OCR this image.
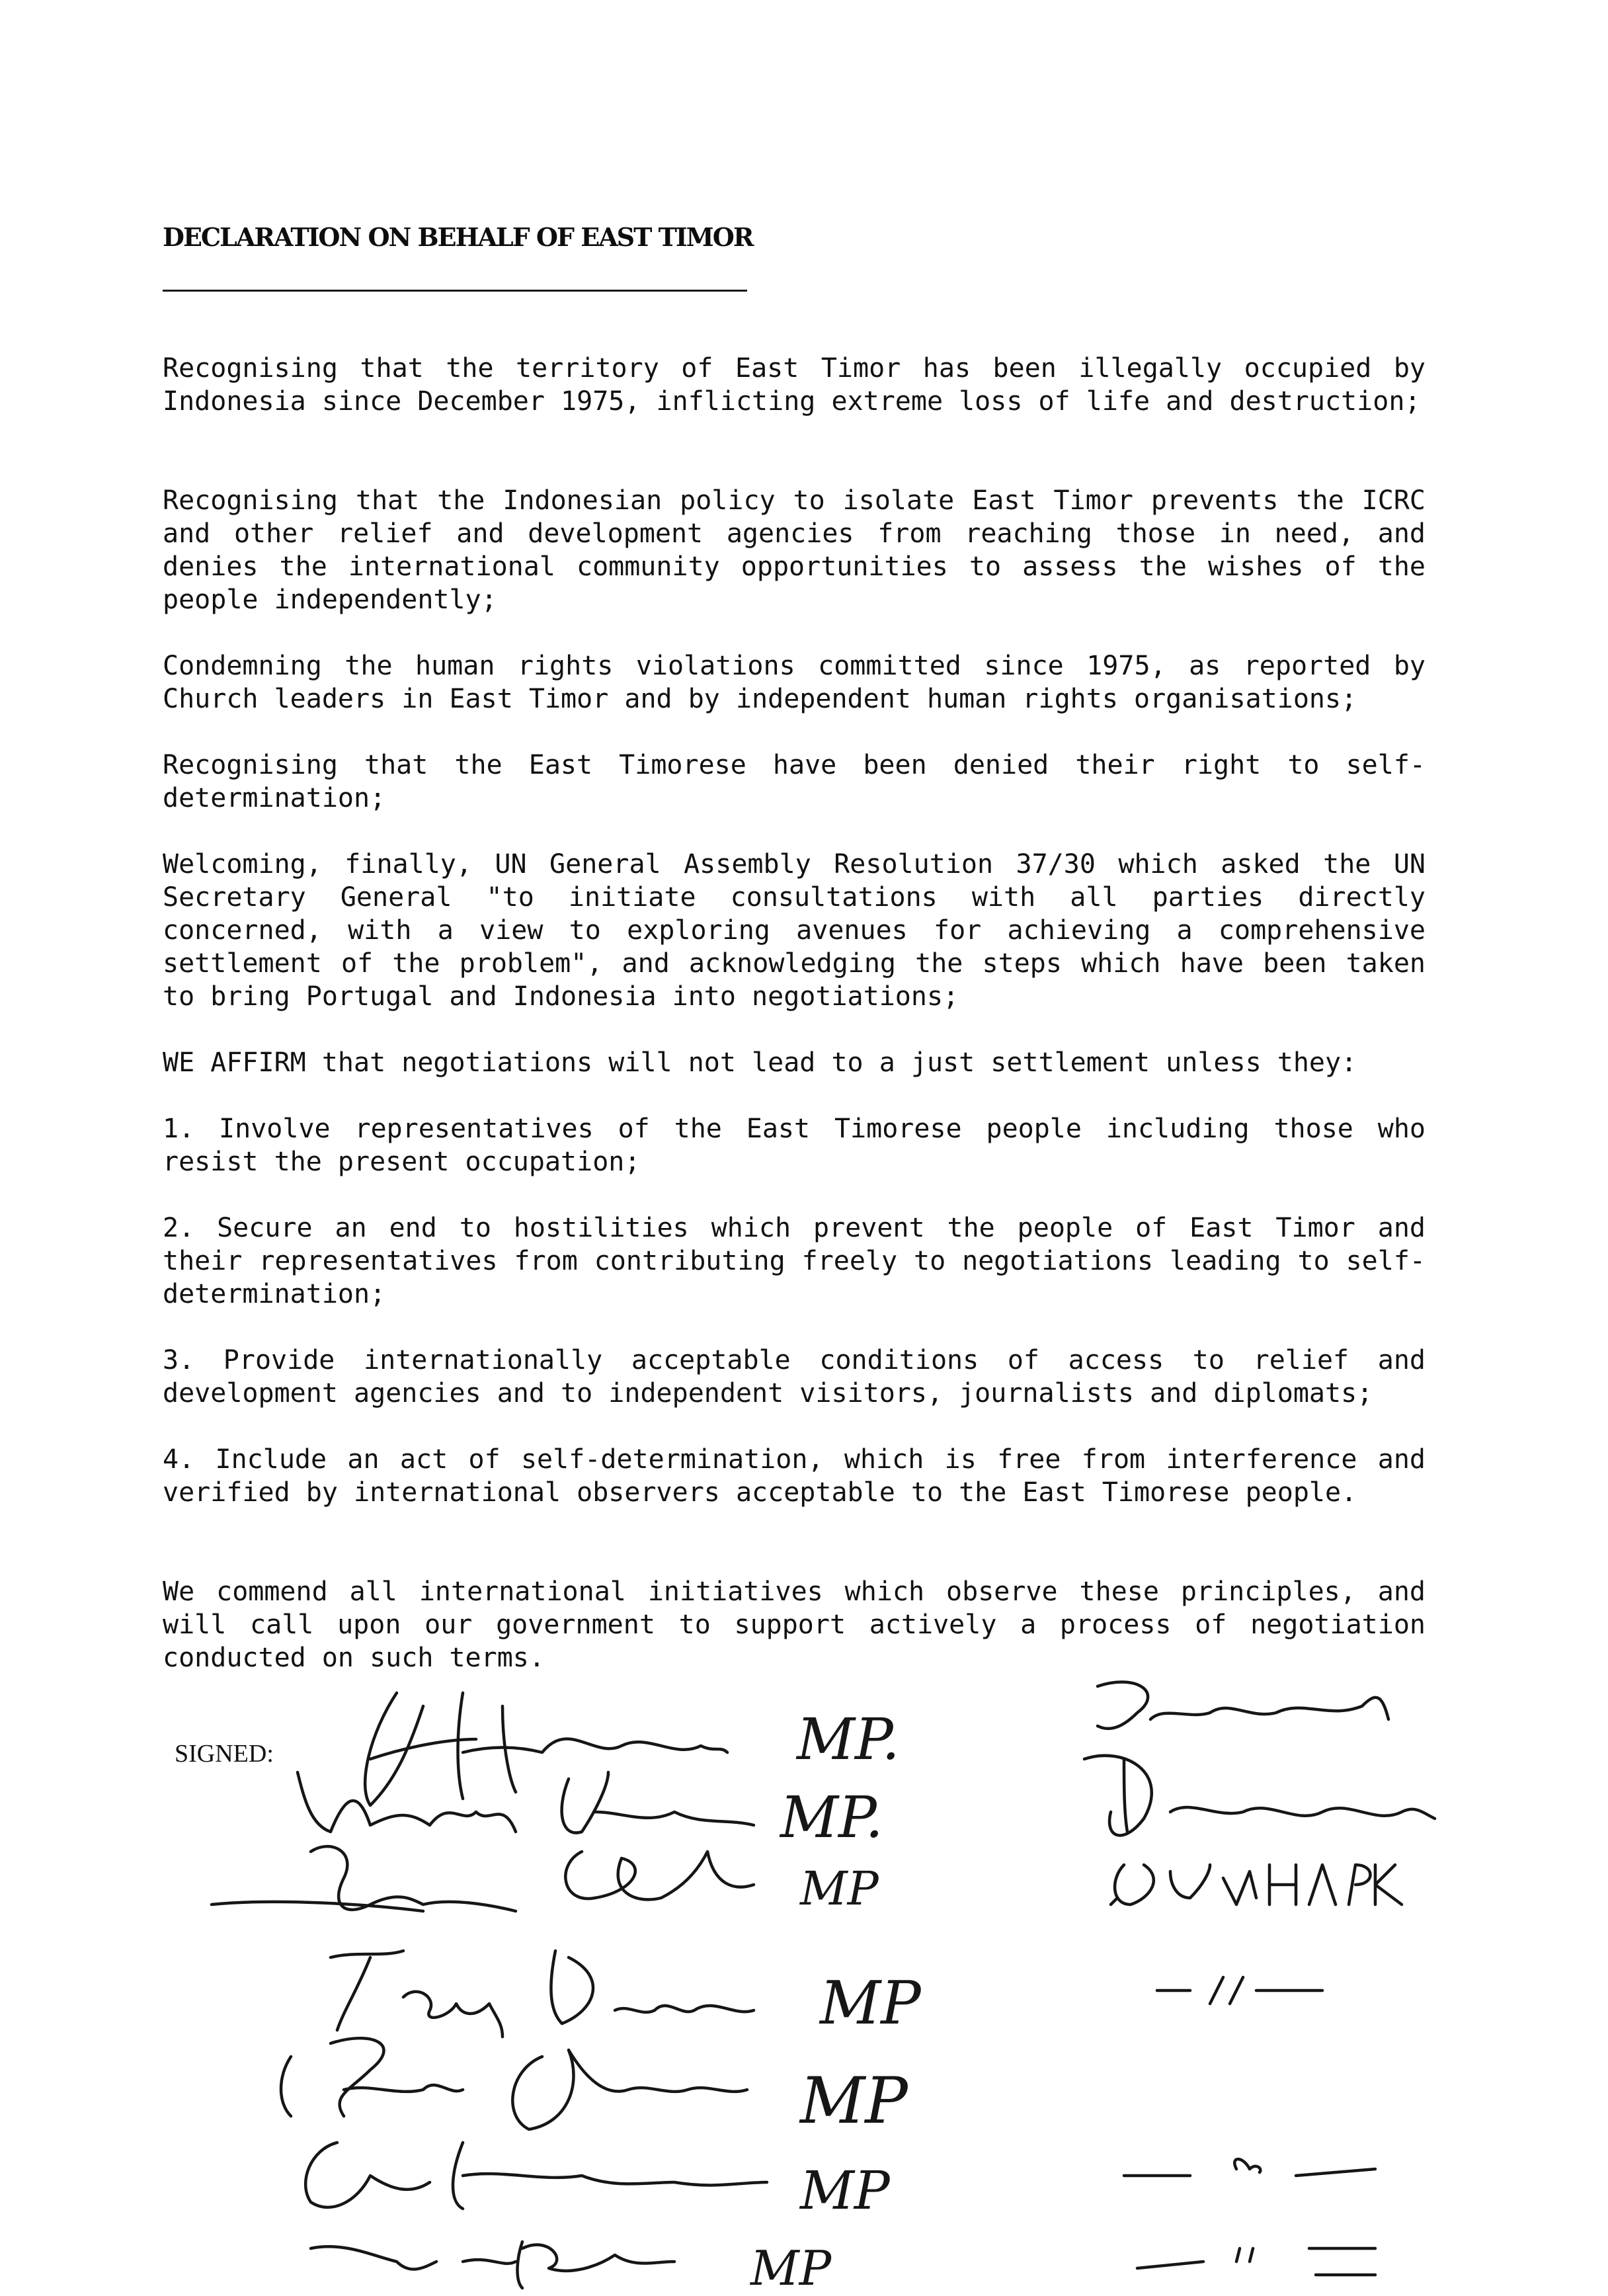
DECLARATION ON BEHALF OF EAST TIMOR
Recognising that the territory of East Timor has been illegally occupied by Indonesia since December 1975, inflicting extreme loss of life and destruction;
Recognising that the Indonesian policy to isolate East Timor prevents the ICRC and other relief and development agencies from reaching those in need, and denies the international community opportunities to assess the wishes of the people independently;
Condemning the human rights violations committed since 1975, as reported by Church leaders in East Timor and by independent human rights organisations;
Recognising that the East Timorese have been denied their right to self-determination;
Welcoming, finally, UN General Assembly Resolution 37/30 which asked the UN Secretary General "to initiate consultations with all parties directly concerned, with a view to exploring avenues for achieving a comprehensive settlement of the problem", and acknowledging the steps which have been taken to bring Portugal and Indonesia into negotiations;
WE AFFIRM that negotiations will not lead to a just settlement unless they:
1. Involve representatives of the East Timorese people including those who resist the present occupation;
2. Secure an end to hostilities which prevent the people of East Timor and their representatives from contributing freely to negotiations leading to self-determination;
3. Provide internationally acceptable conditions of access to relief and development agencies and to independent visitors, journalists and diplomats;
4. Include an act of self-determination, which is free from interference and verified by international observers acceptable to the East Timorese people.
We commend all international initiatives which observe these principles, and will call upon our government to support actively a process of negotiation conducted on such terms.
SIGNED:	MP.
MP.
MP
MP
MP
MP
MP
